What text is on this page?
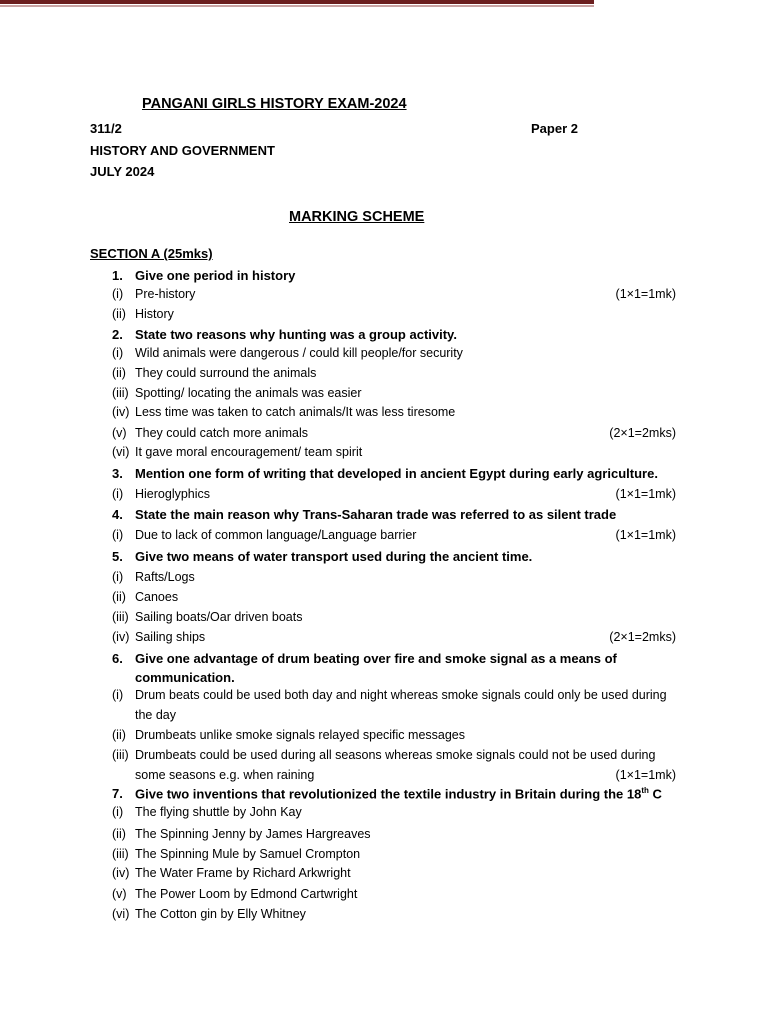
PANGANI GIRLS HISTORY EXAM-2024
311/2	Paper 2
HISTORY AND GOVERNMENT
JULY 2024
MARKING SCHEME
SECTION A (25mks)
1. Give one period in history
(i) Pre-history	(1×1=1mk)
(ii) History
2. State two reasons why hunting was a group activity.
(i) Wild animals were dangerous / could kill people/for security
(ii) They could surround the animals
(iii) Spotting/ locating the animals was easier
(iv) Less time was taken to catch animals/It was less tiresome
(v) They could catch more animals	(2×1=2mks)
(vi) It gave moral encouragement/ team spirit
3. Mention one form of writing that developed in ancient Egypt during early agriculture.
(i) Hieroglyphics	(1×1=1mk)
4. State the main reason why Trans-Saharan trade was referred to as silent trade
(i) Due to lack of common language/Language barrier	(1×1=1mk)
5. Give two means of water transport used during the ancient time.
(i) Rafts/Logs
(ii) Canoes
(iii) Sailing boats/Oar driven boats
(iv) Sailing ships	(2×1=2mks)
6. Give one advantage of drum beating over fire and smoke signal as a means of
communication.
(i) Drum beats could be used both day and night whereas smoke signals could only be used during
the day
(ii) Drumbeats unlike smoke signals relayed specific messages
(iii) Drumbeats could be used during all seasons whereas smoke signals could not be used during
some seasons e.g. when raining	(1×1=1mk)
7. Give two inventions that revolutionized the textile industry in Britain during the 18th C
(i) The flying shuttle by John Kay
(ii) The Spinning Jenny by James Hargreaves
(iii) The Spinning Mule by Samuel Crompton
(iv) The Water Frame by Richard Arkwright
(v) The Power Loom by Edmond Cartwright
(vi) The Cotton gin by Elly Whitney
